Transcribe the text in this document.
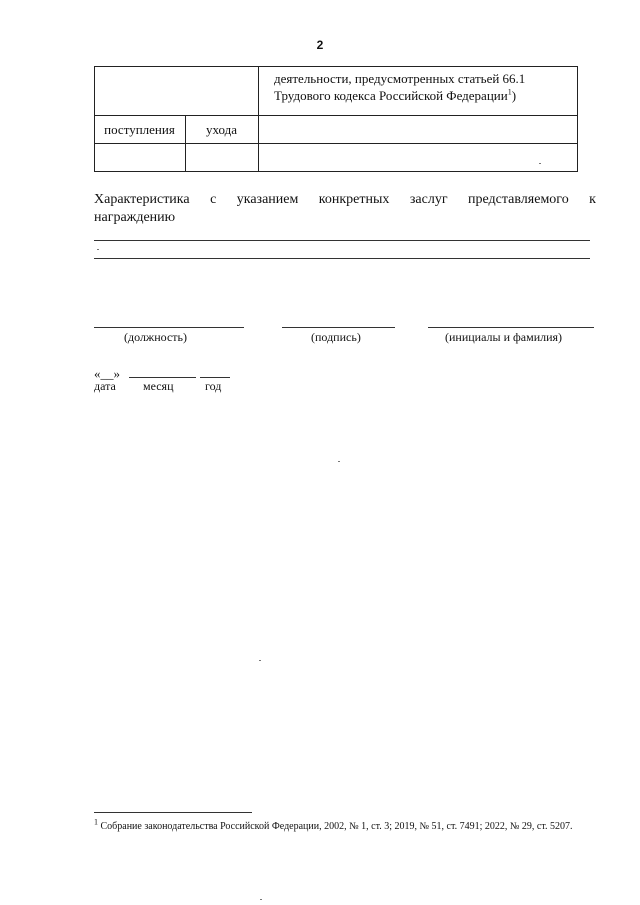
2
деятельности, предусмотренных статьей 66.1
Трудового кодекса Российской Федерации$^1$)
поступления	ухода
Характеристика с указанием конкретных заслуг представляемого к
награждению
(должность)	(подпись)	(инициалы и фамилия)
«__»
дата месяц	год
$^1$ Собрание законодательства Российской Федерации, 2002, № 1, ст. 3; 2019, № 51, ст. 7491; 2022, № 29, ст. 5207.
